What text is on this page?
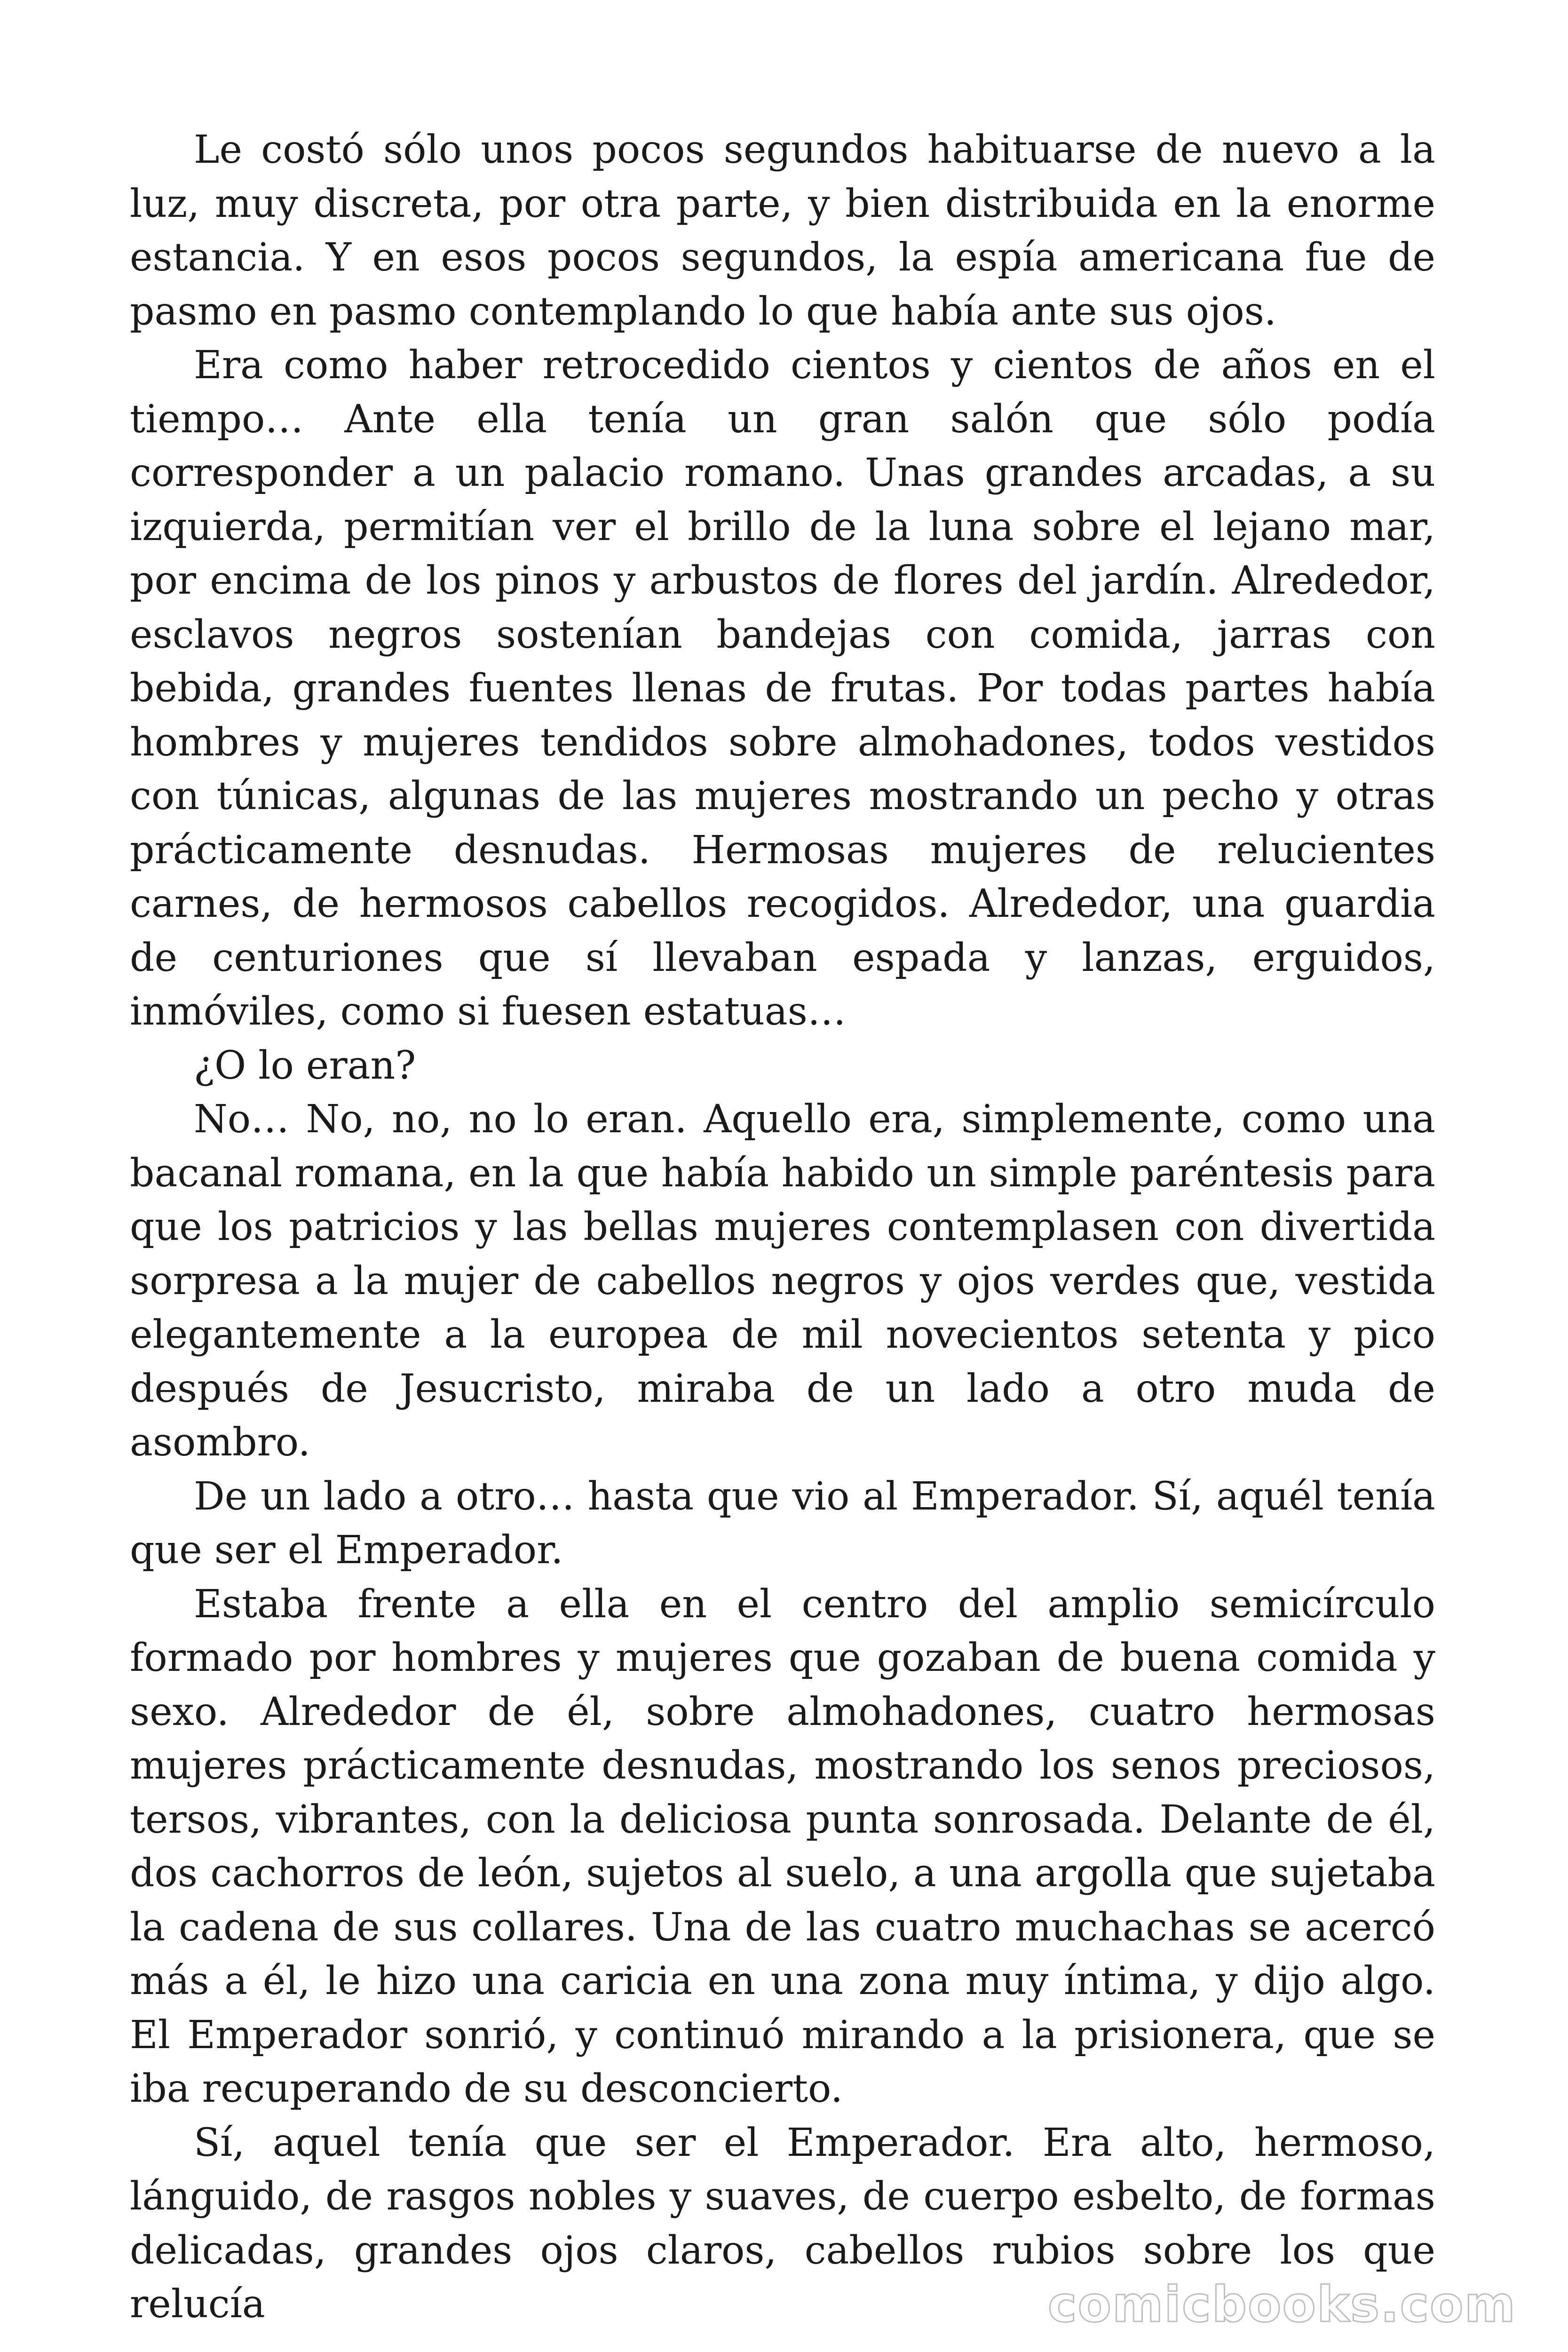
Le costó sólo unos pocos segundos habituarse de nuevo a la luz, muy discreta, por otra parte, y bien distribuida en la enorme estancia. Y en esos pocos segundos, la espía americana fue de pasmo en pasmo contemplando lo que había ante sus ojos.

Era como haber retrocedido cientos y cientos de años en el tiempo… Ante ella tenía un gran salón que sólo podía corresponder a un palacio romano. Unas grandes arcadas, a su izquierda, permitían ver el brillo de la luna sobre el lejano mar, por encima de los pinos y arbustos de flores del jardín. Alrededor, esclavos negros sostenían bandejas con comida, jarras con bebida, grandes fuentes llenas de frutas. Por todas partes había hombres y mujeres tendidos sobre almohadones, todos vestidos con túnicas, algunas de las mujeres mostrando un pecho y otras prácticamente desnudas. Hermosas mujeres de relucientes carnes, de hermosos cabellos recogidos. Alrededor, una guardia de centuriones que sí llevaban espada y lanzas, erguidos, inmóviles, como si fuesen estatuas…

¿O lo eran?

No… No, no, no lo eran. Aquello era, simplemente, como una bacanal romana, en la que había habido un simple paréntesis para que los patricios y las bellas mujeres contemplasen con divertida sorpresa a la mujer de cabellos negros y ojos verdes que, vestida elegantemente a la europea de mil novecientos setenta y pico después de Jesucristo, miraba de un lado a otro muda de asombro.

De un lado a otro… hasta que vio al Emperador. Sí, aquél tenía que ser el Emperador.

Estaba frente a ella en el centro del amplio semicírculo formado por hombres y mujeres que gozaban de buena comida y sexo. Alrededor de él, sobre almohadones, cuatro hermosas mujeres prácticamente desnudas, mostrando los senos preciosos, tersos, vibrantes, con la deliciosa punta sonrosada. Delante de él, dos cachorros de león, sujetos al suelo, a una argolla que sujetaba la cadena de sus collares. Una de las cuatro muchachas se acercó más a él, le hizo una caricia en una zona muy íntima, y dijo algo. El Emperador sonrió, y continuó mirando a la prisionera, que se iba recuperando de su desconcierto.

Sí, aquel tenía que ser el Emperador. Era alto, hermoso, lánguido, de rasgos nobles y suaves, de cuerpo esbelto, de formas delicadas, grandes ojos claros, cabellos rubios sobre los que relucía	comicbooks.com
